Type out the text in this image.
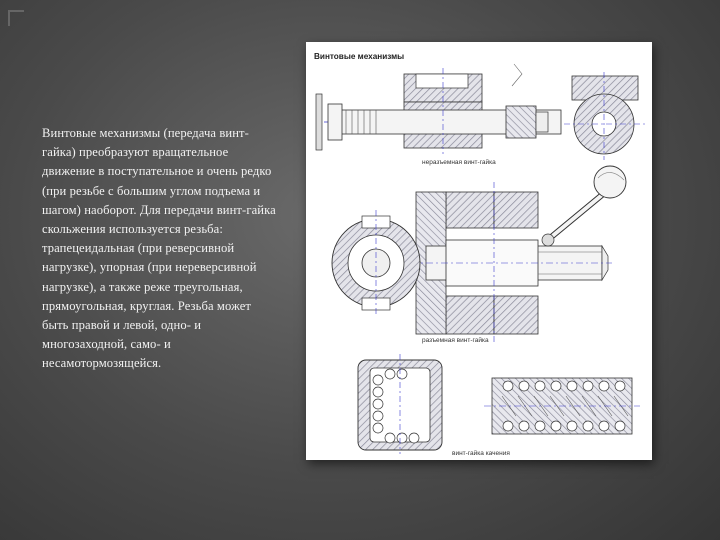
Винтовые механизмы (передача винт-гайка) преобразуют вращательное движение в поступательное и очень редко (при резьбе с большим углом подъема и шагом) наоборот. Для передачи винт-гайка скольжения используется резьба: трапецеидальная (при реверсивной нагрузке), упорная (при нереверсивной нагрузке), а также реже треугольная, прямоугольная, круглая. Резьба может быть правой и левой, одно- и многозаходной, само- и несамотормозящейся.
Винтовые механизмы
неразъемная винт-гайка
разъемная винт-гайка
винт-гайка качения
